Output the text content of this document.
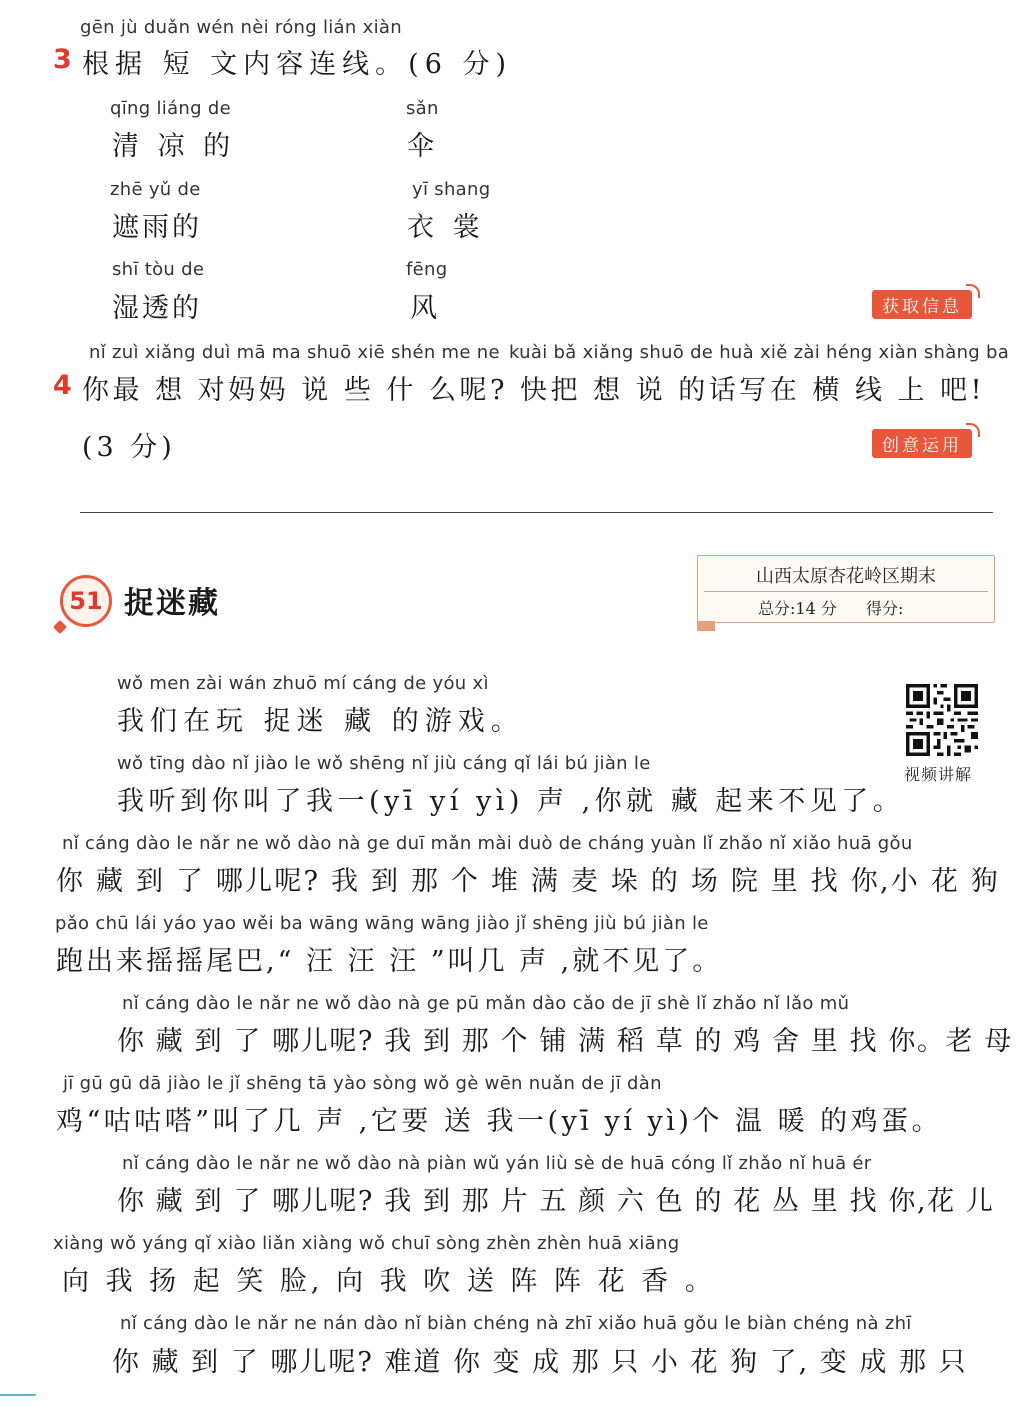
gēn jù duǎn wén nèi róng lián xiàn
3 根据 短 文内容连线。(6 分)
qīng liáng de
清 凉 的
sǎn
伞
zhē yǔ de
遮雨的
yī shang
衣 裳
shī tòu de
湿透的
fēng
风	获取信息
nǐ zuì xiǎng duì mā ma shuō xiē shén me ne kuài bǎ xiǎng shuō de huà xiě zài héng xiàn shàng ba
4 你最 想 对妈妈 说 些 什 么呢? 快把 想 说 的话写在 横 线 上 吧!
(3 分)	创意运用
51 捉迷藏
山西太原杏花岭区期末
总分:14 分 得分:
视频讲解
wǒ men zài wán zhuō mí cáng de yóu xì
我们在玩 捉迷 藏 的游戏。
wǒ tīng dào nǐ jiào le wǒ shēng nǐ jiù cáng qǐ lái bú jiàn le
我听到你叫了我一(yī yí yì) 声 ,你就 藏 起来不见了。
nǐ cáng dào le nǎr ne wǒ dào nà ge duī mǎn mài duò de cháng yuàn lǐ zhǎo nǐ xiǎo huā gǒu
你 藏 到 了 哪儿呢? 我 到 那 个 堆 满 麦 垛 的 场 院 里 找 你,小 花 狗
pǎo chū lái yáo yao wěi ba wāng wāng wāng jiào jǐ shēng jiù bú jiàn le
跑出来摇摇尾巴,“ 汪 汪 汪 ”叫几 声 ,就不见了。
nǐ cáng dào le nǎr ne wǒ dào nà ge pū mǎn dào cǎo de jī shè lǐ zhǎo nǐ lǎo mǔ
你 藏 到 了 哪儿呢? 我 到 那 个 铺 满 稻 草 的 鸡 舍 里 找 你。老 母
jī gū gū dā jiào le jǐ shēng tā yào sòng wǒ gè wēn nuǎn de jī dàn
鸡“咕咕嗒”叫了几 声 ,它要 送 我一(yī yí yì)个 温 暖 的鸡蛋。
nǐ cáng dào le nǎr ne wǒ dào nà piàn wǔ yán liù sè de huā cóng lǐ zhǎo nǐ huā ér
你 藏 到 了 哪儿呢? 我 到 那 片 五 颜 六 色 的 花 丛 里 找 你,花 儿
xiàng wǒ yáng qǐ xiào liǎn xiàng wǒ chuī sòng zhèn zhèn huā xiāng
向 我 扬 起 笑 脸, 向 我 吹 送 阵 阵 花 香 。
nǐ cáng dào le nǎr ne nán dào nǐ biàn chéng nà zhī xiǎo huā gǒu le biàn chéng nà zhī
你 藏 到 了 哪儿呢? 难道 你 变 成 那 只 小 花 狗 了, 变 成 那 只
